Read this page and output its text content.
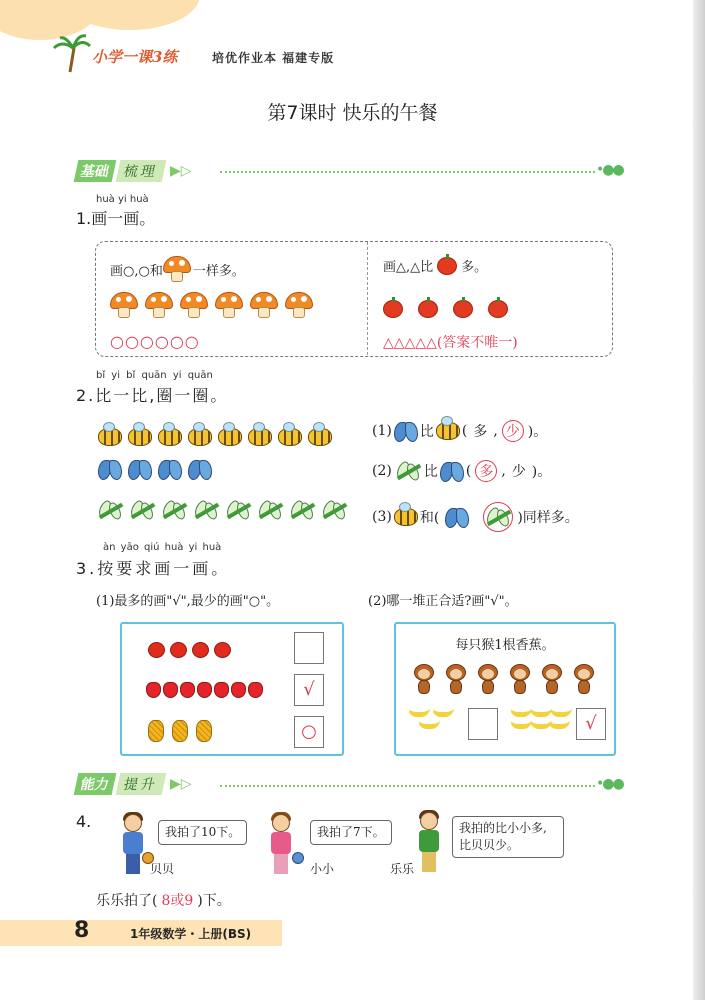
小学一课3练	培优作业本 福建专版
第7课时 快乐的午餐
基础 梳理 ▶▷	•●●
huà yi huà
1.画一画。
画○,○和 一样多。

○○○○○○
画△,△比 多。

△△△△△(答案不唯一)
bǐ yi bǐ quān yi quān
2.比一比,圈一圈。
(1) 比 ( 多 , 少 )。
(2) 比 ( 多 , 少 )。
(3) 和(	)同样多。
àn yāo qiú huà yi huà
3.按要求画一画。
(1)最多的画"√",最少的画"○"。	(2)哪一堆正合适?画"√"。
√
○
每只猴1根香蕉。
√
能力 提升 ▶▷	•●●
4.
我拍了10下。
贝贝
我拍了7下。
小小
我拍的比小小多,
比贝贝少。
乐乐
乐乐拍了( 8或9 )下。
8	1年级数学・上册(BS)
